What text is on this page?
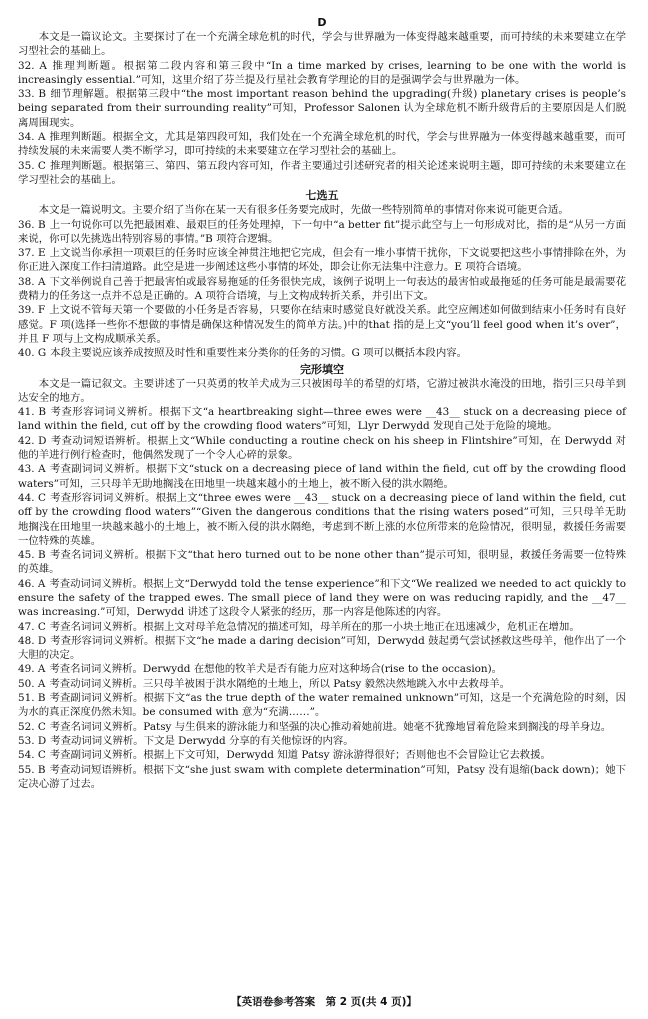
D

本文是一篇议论文。主要探讨了在一个充满全球危机的时代，学会与世界融为一体变得越来越重要，而可持续的未来要建立在学习型社会的基础上。

32. A 推理判断题。根据第二段内容和第三段中“In a time marked by crises, learning to be one with the world is increasingly essential.”可知，这里介绍了芬兰提及行星社会教育学理论的目的是强调学会与世界融为一体。

33. B 细节理解题。根据第三段中“the most important reason behind the upgrading(升级) planetary crises is people’s being separated from their surrounding reality”可知，Professor Salonen 认为全球危机不断升级背后的主要原因是人们脱离周围现实。

34. A 推理判断题。根据全文，尤其是第四段可知，我们处在一个充满全球危机的时代，学会与世界融为一体变得越来越重要，而可持续发展的未来需要人类不断学习，即可持续的未来要建立在学习型社会的基础上。

35. C 推理判断题。根据第三、第四、第五段内容可知，作者主要通过引述研究者的相关论述来说明主题，即可持续的未来要建立在学习型社会的基础上。

七选五

本文是一篇说明文。主要介绍了当你在某一天有很多任务要完成时，先做一些特别简单的事情对你来说可能更合适。

36. B 上一句说你可以先把最困难、最艰巨的任务处理掉，下一句中“a better fit”提示此空与上一句形成对比，指的是“从另一方面来说，你可以先挑选出特别容易的事情。”B 项符合逻辑。

37. E 上文说当你承担一项艰巨的任务时应该全神贯注地把它完成，但会有一堆小事情干扰你，下文说要把这些小事情排除在外，为你正进入深度工作扫清道路。此空是进一步阐述这些小事情的坏处，即会让你无法集中注意力。E 项符合语境。

38. A 下文举例说自己善于把最害怕或最容易拖延的任务很快完成，该例子说明上一句表达的最害怕或最拖延的任务可能是最需要花费精力的任务这一点并不总是正确的。A 项符合语境，与上文构成转折关系，并引出下文。

39. F 上文说不管每天第一个要做的小任务是否容易，只要你在结束时感觉良好就没关系。此空应阐述如何做到结束小任务时有良好感觉。F 项(选择一些你不想做的事情是确保这种情况发生的简单方法。)中的that 指的是上文“you’ll feel good when it’s over”，并且 F 项与上文构成顺承关系。

40. G 本段主要说应该养成按照及时性和重要性来分类你的任务的习惯。G 项可以概括本段内容。

完形填空

本文是一篇记叙文。主要讲述了一只英勇的牧羊犬成为三只被困母羊的希望的灯塔，它游过被洪水淹没的田地，指引三只母羊到达安全的地方。

41. B 考查形容词词义辨析。根据下文“a heartbreaking sight—three ewes were __43__ stuck on a decreasing piece of land within the field, cut off by the crowding flood waters”可知，Llyr Derwydd 发现自己处于危险的境地。

42. D 考查动词短语辨析。根据上文“While conducting a routine check on his sheep in Flintshire”可知，在 Derwydd 对他的羊进行例行检查时，他偶然发现了一个令人心碎的景象。

43. A 考查副词词义辨析。根据下文“stuck on a decreasing piece of land within the field, cut off by the crowding flood waters”可知，三只母羊无助地搁浅在田地里一块越来越小的土地上，被不断入侵的洪水隔绝。

44. C 考查形容词词义辨析。根据上文“three ewes were __43__ stuck on a decreasing piece of land within the field, cut off by the crowding flood waters”“Given the dangerous conditions that the rising waters posed”可知，三只母羊无助地搁浅在田地里一块越来越小的土地上，被不断入侵的洪水隔绝，考虑到不断上涨的水位所带来的危险情况，很明显，救援任务需要一位特殊的英雄。

45. B 考查名词词义辨析。根据下文“that hero turned out to be none other than”提示可知，很明显，救援任务需要一位特殊的英雄。

46. A 考查动词词义辨析。根据上文“Derwydd told the tense experience”和下文“We realized we needed to act quickly to ensure the safety of the trapped ewes. The small piece of land they were on was reducing rapidly, and the __47__ was increasing.”可知，Derwydd 讲述了这段令人紧张的经历，那一内容是他陈述的内容。

47. C 考查名词词义辨析。根据上文对母羊危急情况的描述可知，母羊所在的那一小块土地正在迅速减少，危机正在增加。

48. D 考查形容词词义辨析。根据下文“he made a daring decision”可知，Derwydd 鼓起勇气尝试拯救这些母羊，他作出了一个大胆的决定。

49. A 考查名词词义辨析。Derwydd 在想他的牧羊犬是否有能力应对这种场合(rise to the occasion)。

50. A 考查动词词义辨析。三只母羊被困于洪水隔绝的土地上，所以 Patsy 毅然决然地跳入水中去救母羊。

51. B 考查副词词义辨析。根据下文“as the true depth of the water remained unknown”可知，这是一个充满危险的时刻，因为水的真正深度仍然未知。be consumed with 意为“充满……”。

52. C 考查名词词义辨析。Patsy 与生俱来的游泳能力和坚强的决心推动着她前进。她毫不犹豫地冒着危险来到搁浅的母羊身边。

53. D 考查动词词义辨析。下文是 Derwydd 分享的有关他惊讶的内容。

54. C 考查副词词义辨析。根据上下文可知，Derwydd 知道 Patsy 游泳游得很好；否则他也不会冒险让它去救援。

55. B 考查动词短语辨析。根据下文“she just swam with complete determination”可知，Patsy 没有退缩(back down)；她下定决心游了过去。

【英语卷参考答案　第 2 页(共 4 页)】
